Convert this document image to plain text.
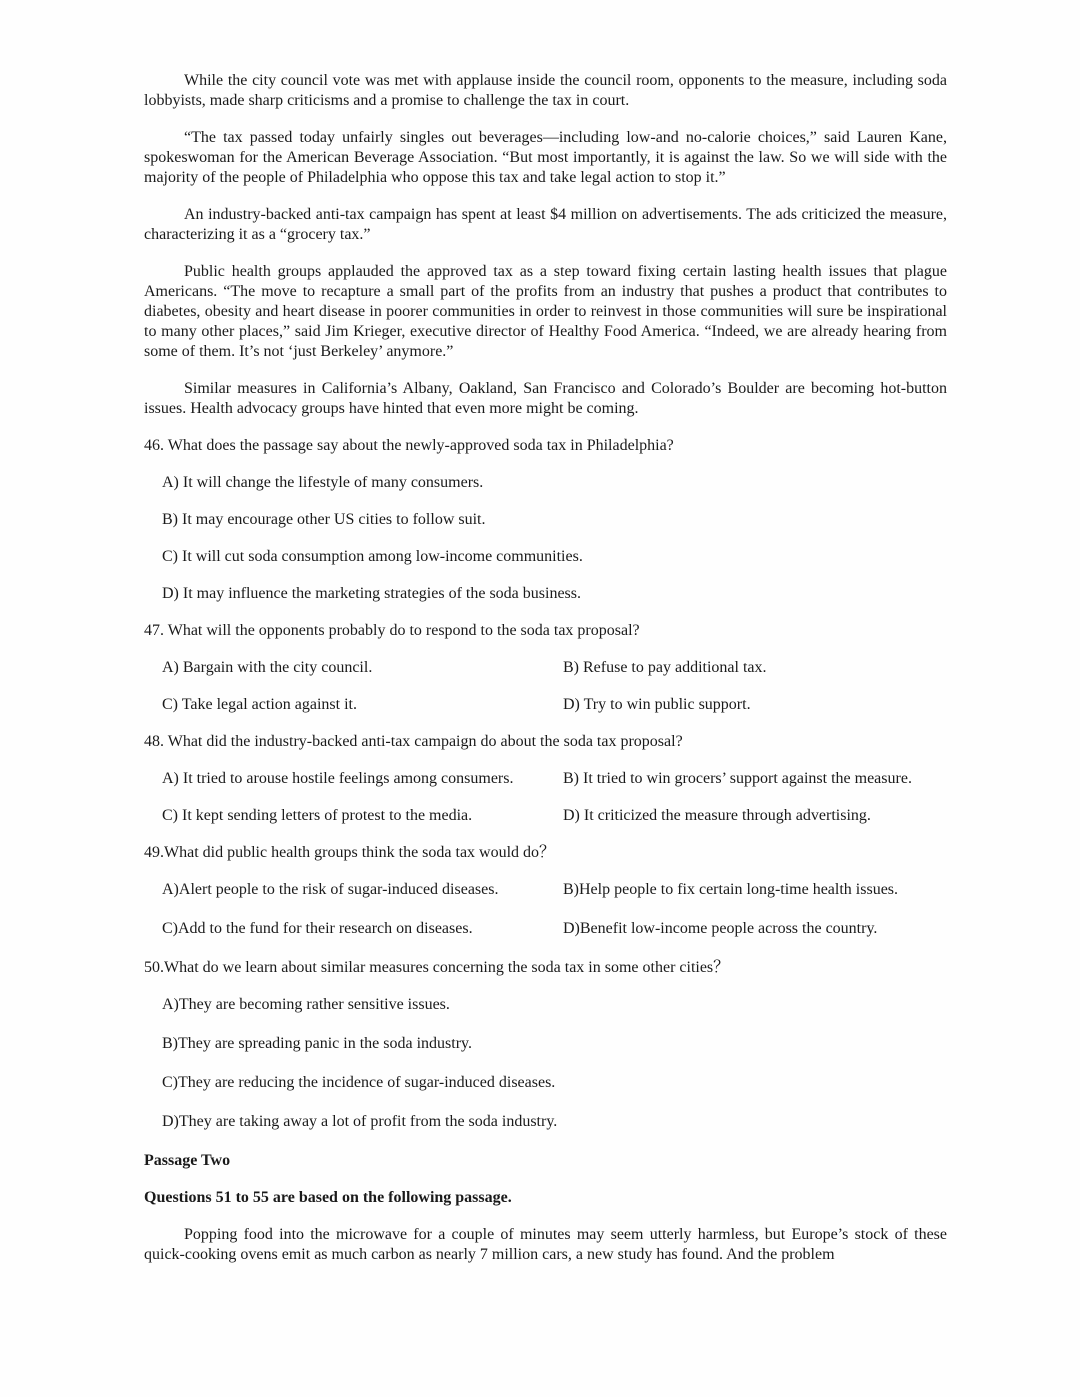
While the city council vote was met with applause inside the council room, opponents to the measure, including soda lobbyists, made sharp criticisms and a promise to challenge the tax in court.

“The tax passed today unfairly singles out beverages—including low-and no-calorie choices,” said Lauren Kane, spokeswoman for the American Beverage Association. “But most importantly, it is against the law. So we will side with the majority of the people of Philadelphia who oppose this tax and take legal action to stop it.”

An industry-backed anti-tax campaign has spent at least $4 million on advertisements. The ads criticized the measure, characterizing it as a “grocery tax.”

Public health groups applauded the approved tax as a step toward fixing certain lasting health issues that plague Americans. “The move to recapture a small part of the profits from an industry that pushes a product that contributes to diabetes, obesity and heart disease in poorer communities in order to reinvest in those communities will sure be inspirational to many other places,” said Jim Krieger, executive director of Healthy Food America. “Indeed, we are already hearing from some of them. It’s not ‘just Berkeley’ anymore.”

Similar measures in California’s Albany, Oakland, San Francisco and Colorado’s Boulder are becoming hot-button issues. Health advocacy groups have hinted that even more might be coming.

46. What does the passage say about the newly-approved soda tax in Philadelphia?
A) It will change the lifestyle of many consumers.
B) It may encourage other US cities to follow suit.
C) It will cut soda consumption among low-income communities.
D) It may influence the marketing strategies of the soda business.
47. What will the opponents probably do to respond to the soda tax proposal?
A) Bargain with the city council.	B) Refuse to pay additional tax.
C) Take legal action against it.	D) Try to win public support.
48. What did the industry-backed anti-tax campaign do about the soda tax proposal?
A) It tried to arouse hostile feelings among consumers.	B) It tried to win grocers’ support against the measure.
C) It kept sending letters of protest to the media.	D) It criticized the measure through advertising.
49.What did public health groups think the soda tax would do？
A)Alert people to the risk of sugar-induced diseases.	B)Help people to fix certain long-time health issues.
C)Add to the fund for their research on diseases.	D)Benefit low-income people across the country.
50.What do we learn about similar measures concerning the soda tax in some other cities？
A)They are becoming rather sensitive issues.
B)They are spreading panic in the soda industry.
C)They are reducing the incidence of sugar-induced diseases.
D)They are taking away a lot of profit from the soda industry.
Passage Two
Questions 51 to 55 are based on the following passage.

Popping food into the microwave for a couple of minutes may seem utterly harmless, but Europe’s stock of these quick-cooking ovens emit as much carbon as nearly 7 million cars, a new study has found. And the problem
